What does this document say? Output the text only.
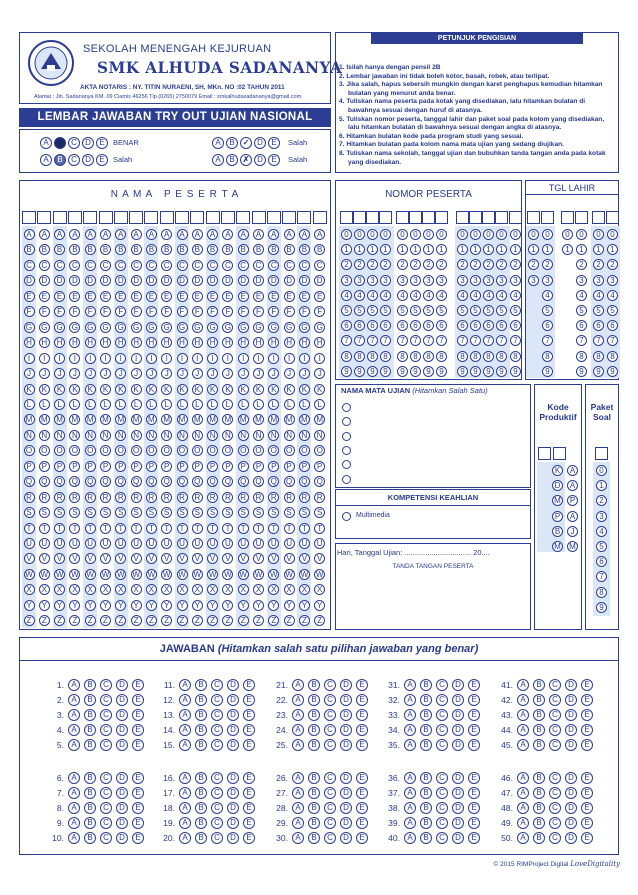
SEKOLAH MENENGAH KEJURUAN
SMK ALHUDA SADANANYA
AKTA NOTARIS : NY. TITIN NURAENI, SH, MKn. NO :02 TAHUN 2011
Alamat : Jln. Sadananya KM. 09 Ciamis 46256 Tlp.(0265) 2750079 Email : smkalhudasadananya@gmail.com
LEMBAR JAWABAN TRY OUT UJIAN NASIONAL
A	C	D	E
A	B	C	D	E
A	B ✓ D	E
A	B ✗ D	E
BENAR
Salah
Salah
Salah
PETUNJUK PENGISIAN
1. Isilah hanya dengan pensil 2B
2. Lembar jawaban ini tidak boleh kotor, basah, robek, atau terlipat.
3. Jika salah, hapus sebersih mungkin dengan karet penghapus kemudian hitamkan bulatan yang menurut anda benar.
4. Tuliskan nama peserta pada kotak yang disediakan, lalu hitamkan bulatan di bawahnya sesuai dengan huruf di atasnya.
5. Tuliskan nomor peserta, tanggal lahir dan paket soal pada kolom yang disediakan, lalu hitamkan bulatan di bawahnya sesuai dengan angka di atasnya.
6. Hitamkan bulatan kode pada program studi yang sesuai.
7. Hitamkan bulatan pada kolom nama mata ujian yang sedang diujikan.
8. Tuliskan nama sekolah, tanggal ujian dan bubuhkan tanda tangan anda pada kotak yang disediakan.
N A M A   P E S E R T A
A	A	A	A	A	A	A	A	A	A	A	A	A	A	A	A	A	A	A	A
B	B	B	B	B	B	B	B	B	B	B	B	B	B	B	B	B	B	B	B
C	C	C	C	C	C	C	C	C	C	C	C	C	C	C	C	C	C	C	C
D	D	D	D	D	D	D	D	D	D	D	D	D	D	D	D	D	D	D	D
E	E	E	E	E	E	E	E	E	E	E	E	E	E	E	E	E	E	E	E
F	F	F	F	F	F	F	F	F	F	F	F	F	F	F	F	F	F	F	F
G G G G G G G G G G G G G G G G G G G G
H	H	H	H	H	H	H	H	H	H	H	H	H	H	H	H	H	H	H	H
I	I	I	I	I	I	I	I	I	I	I	I	I	I	I	I	I	I	I	I
J	J	J	J	J	J	J	J	J	J	J	J	J	J	J	J	J	J	J	J
K	K	K	K	K	K	K	K	K	K	K	K	K	K	K	K	K	K	K	K
L	L	L	L	L	L	L	L	L	L	L	L	L	L	L	L	L	L	L	L
M M M M M M M M M M M M M M M M M M M M
N	N	N	N	N	N	N	N	N	N	N	N	N	N	N	N	N	N	N	N
O O O O O O O O O O O O O O O O O O O O
P	P	P	P	P	P	P	P	P	P	P	P	P	P	P	P	P	P	P	P
Q Q Q Q Q Q Q Q Q Q Q Q Q Q Q Q Q Q Q Q
R	R	R	R	R	R	R	R	R	R	R	R	R	R	R	R	R	R	R	R
S	S	S	S	S	S	S	S	S	S	S	S	S	S	S	S	S	S	S	S
T	T	T	T	T	T	T	T	T	T	T	T	T	T	T	T	T	T	T	T
U	U	U	U	U	U	U	U	U	U	U	U	U	U	U	U	U	U	U	U
V	V	V	V	V	V	V	V	V	V	V	V	V	V	V	V	V	V	V	V
W W W W W W W W W W W W W W W W W W W W
X	X	X	X	X	X	X	X	X	X	X	X	X	X	X	X	X	X	X	X
Y	Y	Y	Y	Y	Y	Y	Y	Y	Y	Y	Y	Y	Y	Y	Y	Y	Y	Y	Y
Z	Z	Z	Z	Z	Z	Z	Z	Z	Z	Z	Z	Z	Z	Z	Z	Z	Z	Z	Z
NOMOR PESERTA
0	0	0	0	0	0	0	0	0	0	0	0	0
1	1	1	1	1	1	1	1	1	1	1	1	1
2	2	2	2	2	2	2	2	2	2	2	2	2
3	3	3	3	3	3	3	3	3	3	3	3	3
4	4	4	4	4	4	4	4	4	4	4	4	4
5	5	5	5	5	5	5	5	5	5	5	5	5
6	6	6	6	6	6	6	6	6	6	6	6	6
7	7	7	7	7	7	7	7	7	7	7	7	7
8	8	8	8	8	8	8	8	8	8	8	8	8
9	9	9	9	9	9	9	9	9	9	9	9	9
TGL LAHIR
0	0	0	0	0	0
1	1	1	1	1	1
2	2	2	2	2
3	3	3	3	3
4	4	4	4
5	5	5	5
6	6	6	6
7	7	7	7
8	8	8	8
9	9	9	9
NAMA MATA UJIAN (Hitamkan Salah Satu)
KOMPETENSI KEAHLIAN
Multimedia
Hari, Tanggal Ujian: ................................ 20....
TANDA TANGAN PESERTA
Kode
Produktif
K	A
D	A
M	P
P	A
B	J
M M
Paket
Soal
0
1
2
3
4
5
6
7
8
9
JAWABAN (Hitamkan salah satu pilihan jawaban yang benar)
1. A	B	C	D	E
2. A	B	C	D	E
3. A	B	C	D	E
4. A	B	C	D	E
5. A	B	C	D	E
6. A	B	C	D	E
7. A	B	C	D	E
8. A	B	C	D	E
9. A	B	C	D	E
10. A	B	C	D	E
11. A	B	C	D	E
12. A	B	C	D	E
13. A	B	C	D	E
14. A	B	C	D	E
15. A	B	C	D	E
16. A	B	C	D	E
17. A	B	C	D	E
18. A	B	C	D	E
19. A	B	C	D	E
20. A	B	C	D	E
21. A	B	C	D	E
22. A	B	C	D	E
23. A	B	C	D	E
24. A	B	C	D	E
25. A	B	C	D	E
26. A	B	C	D	E
27. A	B	C	D	E
28. A	B	C	D	E
29. A	B	C	D	E
30. A	B	C	D	E
31. A	B	C	D	E
32. A	B	C	D	E
33. A	B	C	D	E
34. A	B	C	D	E
35. A	B	C	D	E
36. A	B	C	D	E
37. A	B	C	D	E
38. A	B	C	D	E
39. A	B	C	D	E
40. A	B	C	D	E
41. A	B	C	D	E
42. A	B	C	D	E
43. A	B	C	D	E
44. A	B	C	D	E
45. A	B	C	D	E
46. A	B	C	D	E
47. A	B	C	D	E
48. A	B	C	D	E
49. A	B	C	D	E
50. A	B	C	D	E
© 2015 RIMProject Digital LoveDigitality
